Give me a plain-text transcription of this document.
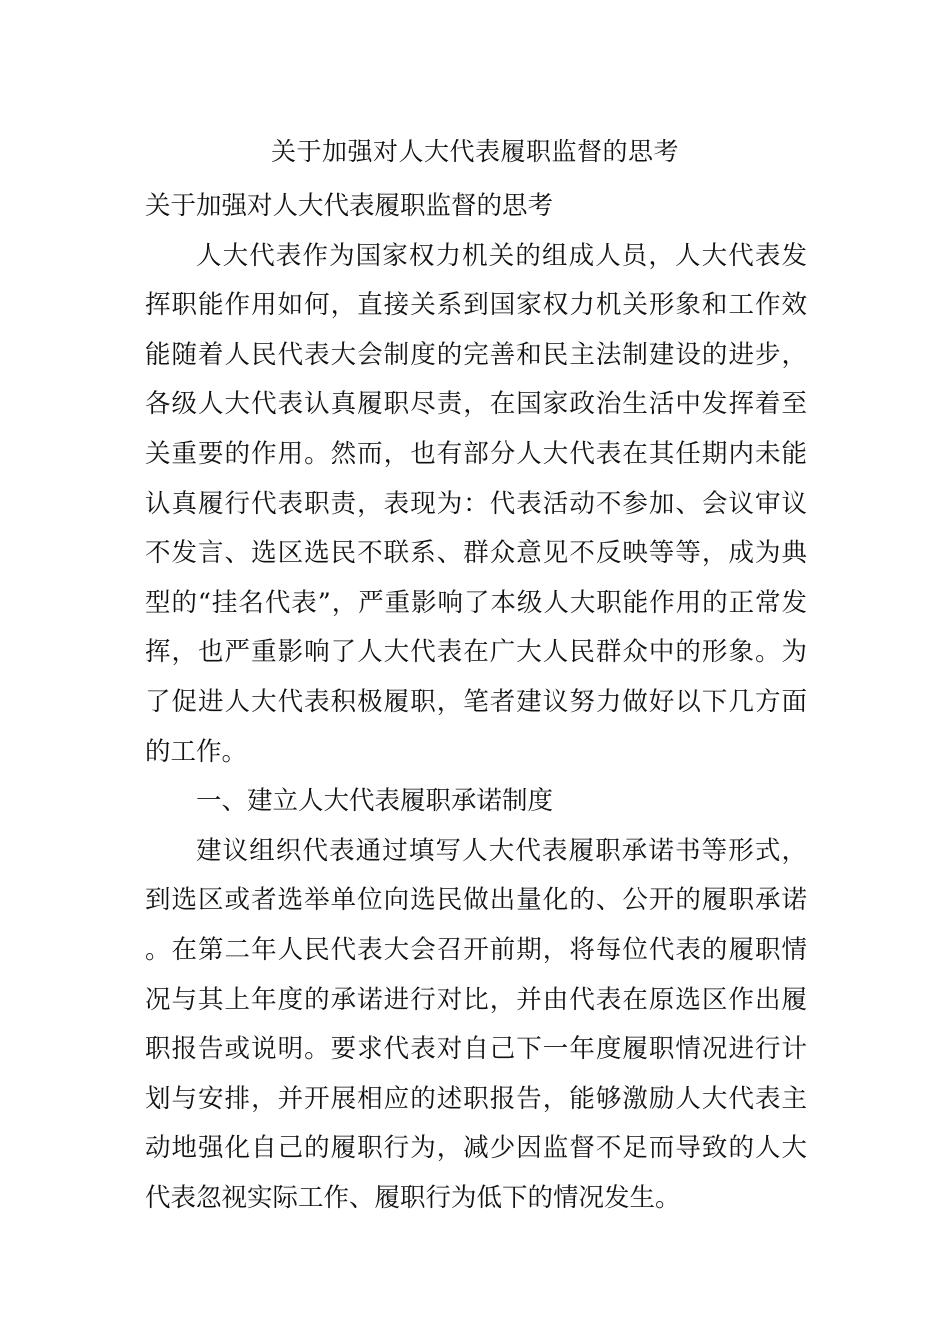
关于加强对人大代表履职监督的思考

关于加强对人大代表履职监督的思考

人大代表作为国家权力机关的组成人员，人大代表发挥职能作用如何，直接关系到国家权力机关形象和工作效能随着人民代表大会制度的完善和民主法制建设的进步，各级人大代表认真履职尽责，在国家政治生活中发挥着至关重要的作用。然而，也有部分人大代表在其任期内未能认真履行代表职责，表现为：代表活动不参加、会议审议不发言、选区选民不联系、群众意见不反映等等，成为典型的“挂名代表”，严重影响了本级人大职能作用的正常发挥，也严重影响了人大代表在广大人民群众中的形象。为了促进人大代表积极履职，笔者建议努力做好以下几方面的工作。

一、建立人大代表履职承诺制度

建议组织代表通过填写人大代表履职承诺书等形式，到选区或者选举单位向选民做出量化的、公开的履职承诺。在第二年人民代表大会召开前期，将每位代表的履职情况与其上年度的承诺进行对比，并由代表在原选区作出履职报告或说明。要求代表对自己下一年度履职情况进行计划与安排，并开展相应的述职报告，能够激励人大代表主动地强化自己的履职行为，减少因监督不足而导致的人大代表忽视实际工作、履职行为低下的情况发生。
